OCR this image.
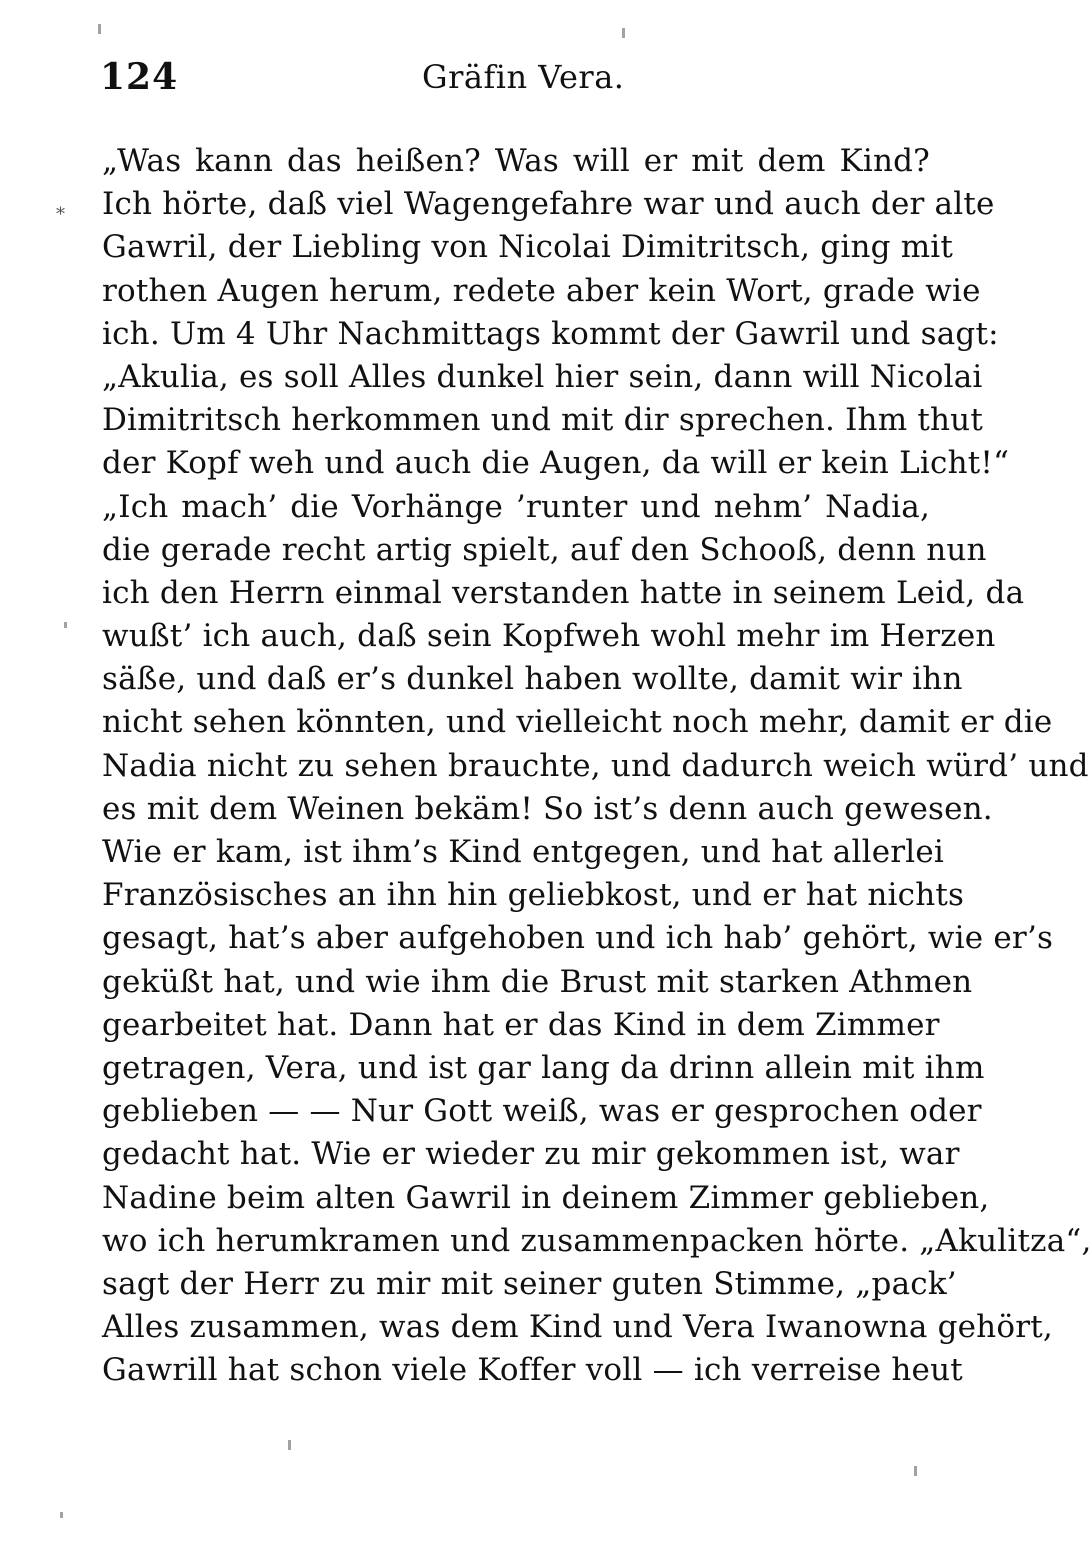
124	Gräfin Vera.
*
„Was kann das heißen? Was will er mit dem Kind?
Ich hörte, daß viel Wagengefahre war und auch der alte
Gawril, der Liebling von Nicolai Dimitritsch, ging mit
rothen Augen herum, redete aber kein Wort, grade wie
ich. Um 4 Uhr Nachmittags kommt der Gawril und sagt:
„Akulia, es soll Alles dunkel hier sein, dann will Nicolai
Dimitritsch herkommen und mit dir sprechen. Ihm thut
der Kopf weh und auch die Augen, da will er kein Licht!“
„Ich mach’ die Vorhänge ’runter und nehm’ Nadia,
die gerade recht artig spielt, auf den Schooß, denn nun
ich den Herrn einmal verstanden hatte in seinem Leid, da
wußt’ ich auch, daß sein Kopfweh wohl mehr im Herzen
säße, und daß er’s dunkel haben wollte, damit wir ihn
nicht sehen könnten, und vielleicht noch mehr, damit er die
Nadia nicht zu sehen brauchte, und dadurch weich würd’ und
es mit dem Weinen bekäm! So ist’s denn auch gewesen.
Wie er kam, ist ihm’s Kind entgegen, und hat allerlei
Französisches an ihn hin geliebkost, und er hat nichts
gesagt, hat’s aber aufgehoben und ich hab’ gehört, wie er’s
geküßt hat, und wie ihm die Brust mit starken Athmen
gearbeitet hat. Dann hat er das Kind in dem Zimmer
getragen, Vera, und ist gar lang da drinn allein mit ihm
geblieben — — Nur Gott weiß, was er gesprochen oder
gedacht hat. Wie er wieder zu mir gekommen ist, war
Nadine beim alten Gawril in deinem Zimmer geblieben,
wo ich herumkramen und zusammenpacken hörte. „Akulitza“,
sagt der Herr zu mir mit seiner guten Stimme, „pack’
Alles zusammen, was dem Kind und Vera Iwanowna gehört,
Gawrill hat schon viele Koffer voll — ich verreise heut
